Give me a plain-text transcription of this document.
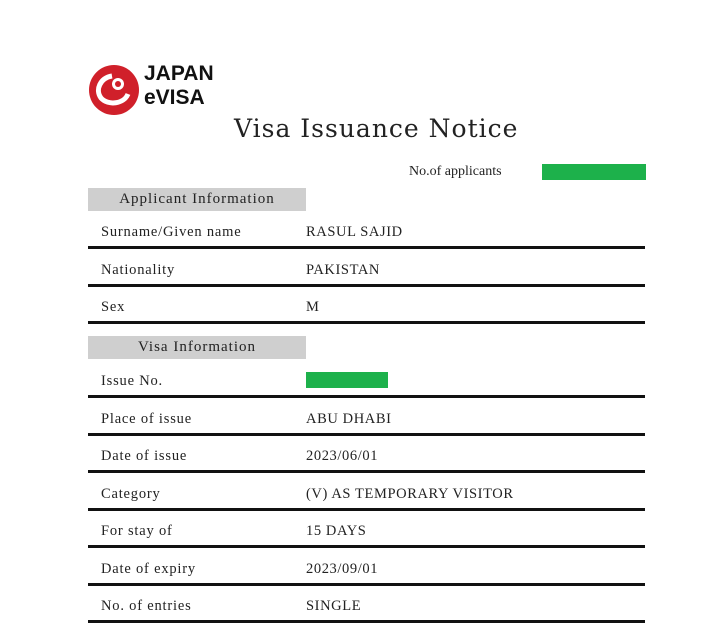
JAPAN
eVISA
Visa Issuance Notice
No.of applicants
Applicant Information
Surname/Given name	RASUL SAJID
Nationality	PAKISTAN
Sex	M
Visa Information
Issue No.
Place of issue	ABU DHABI
Date of issue	2023/06/01
Category	(V) AS TEMPORARY VISITOR
For stay of	15 DAYS
Date of expiry	2023/09/01
No. of entries	SINGLE
